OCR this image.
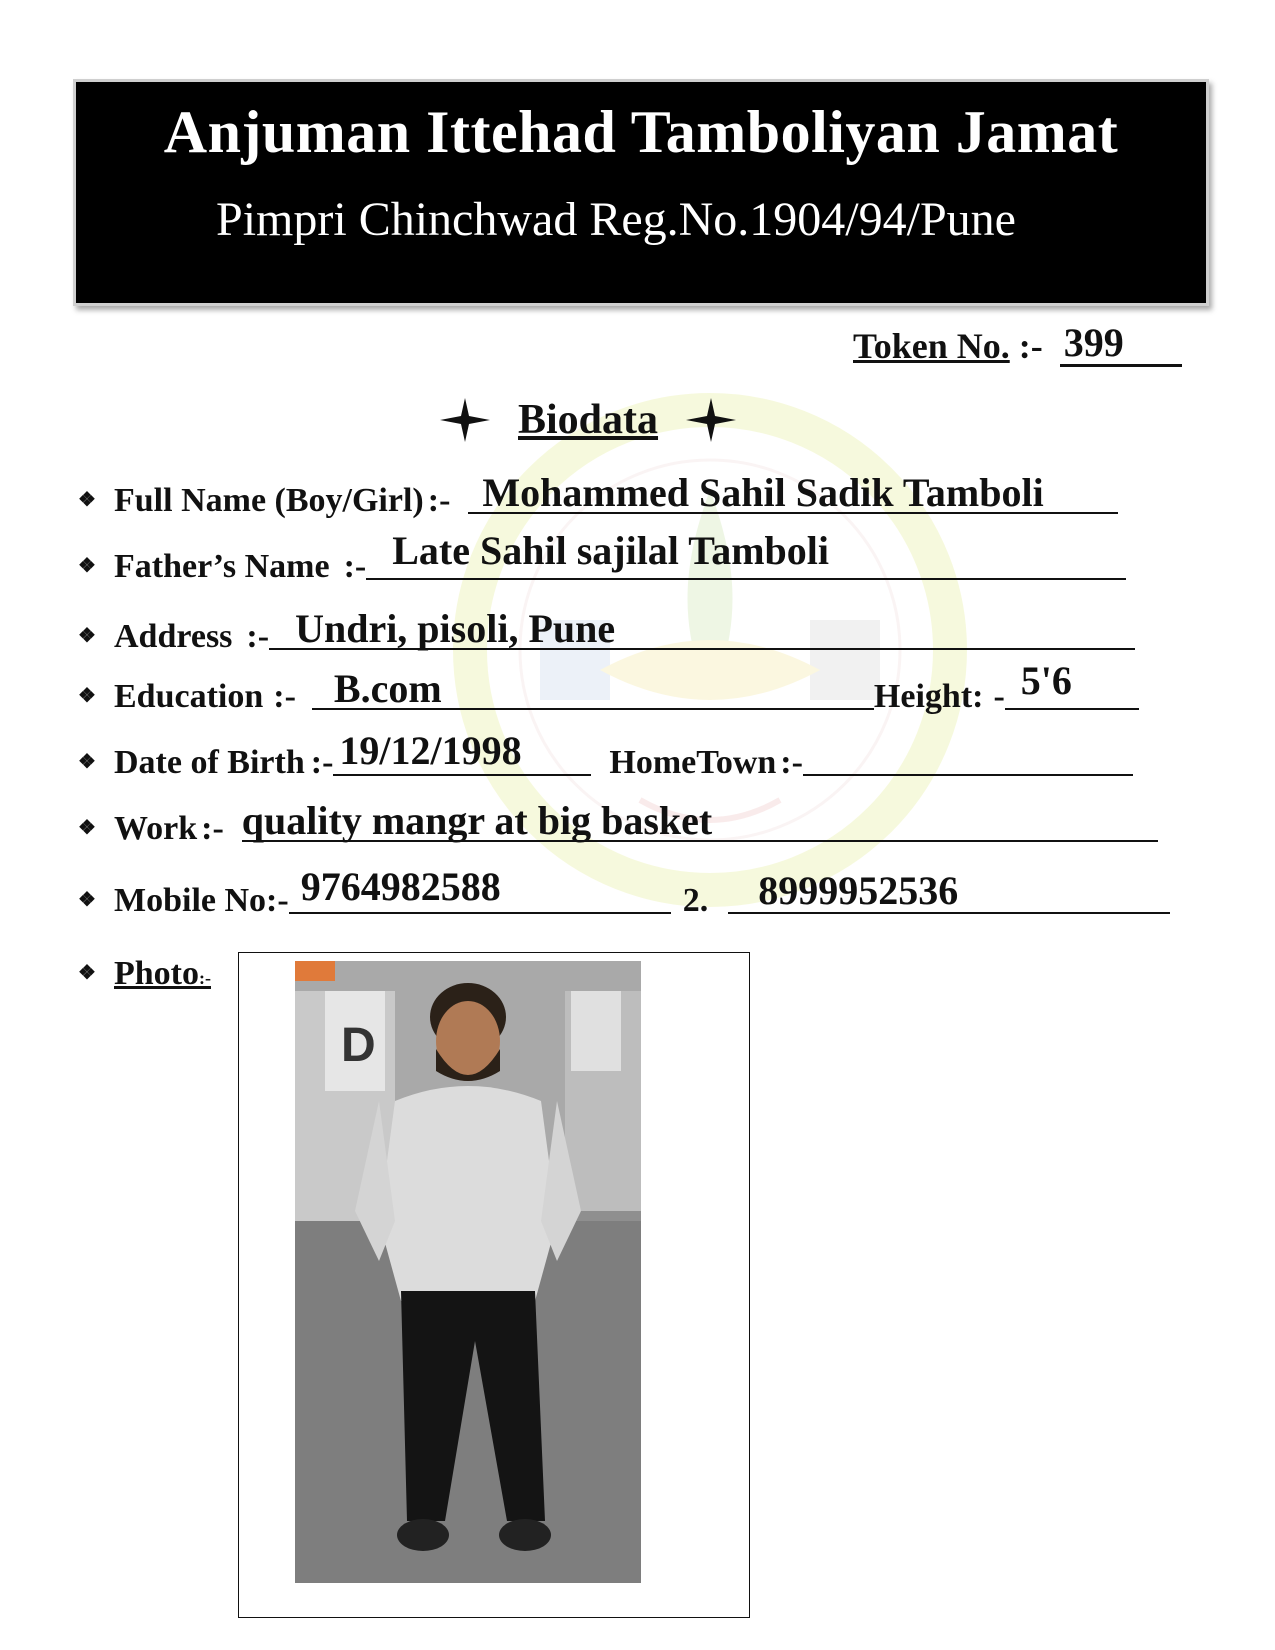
Anjuman Ittehad Tamboliyan Jamat
Pimpri Chinchwad Reg.No.1904/94/Pune
Token No. :- 399
Biodata
❖ Full Name (Boy/Girl) :- Mohammed Sahil Sadik Tamboli
❖ Father’s Name :- Late Sahil sajilal Tamboli
❖ Address :- Undri, pisoli, Pune
❖ Education :- B.com	Height: - 5'6
❖ Date of Birth :- 19/12/1998	HomeTown :-
❖ Work :- quality mangr at big basket
❖ Mobile No: - 9764982588	2. 8999952536
❖ Photo:-
D
